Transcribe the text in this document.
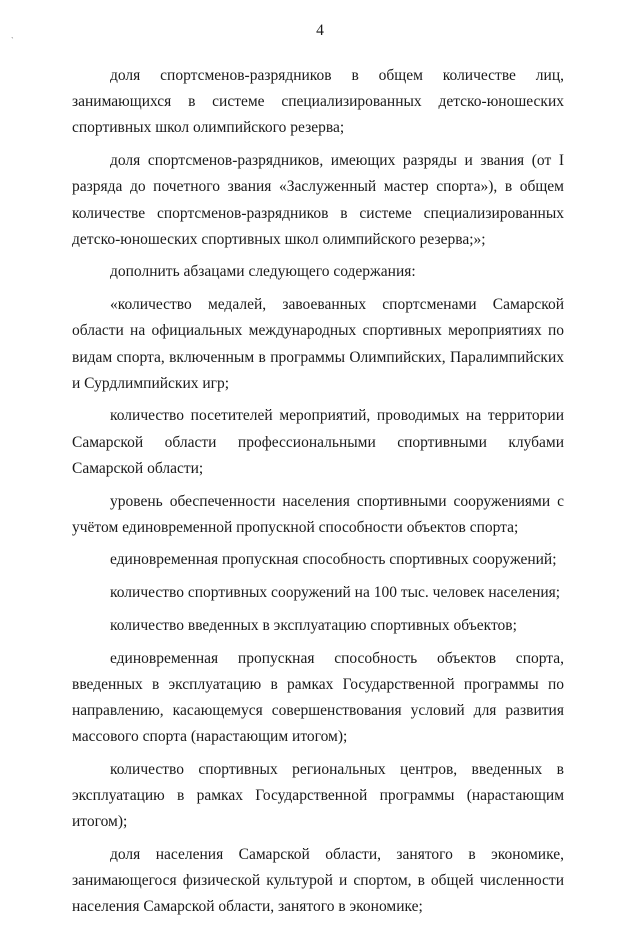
4
`

доля спортсменов-разрядников в общем количестве лиц, занимающихся в системе специализированных детско-юношеских спортивных школ олимпийского резерва;

доля спортсменов-разрядников, имеющих разряды и звания (от I разряда до почетного звания «Заслуженный мастер спорта»), в общем количестве спортсменов-разрядников в системе специализированных детско-юношеских спортивных школ олимпийского резерва;»;

дополнить абзацами следующего содержания:

«количество медалей, завоеванных спортсменами Самарской области на официальных международных спортивных мероприятиях по видам спорта, включенным в программы Олимпийских, Паралимпийских и Сурдлимпийских игр;

количество посетителей мероприятий, проводимых на территории Самарской области профессиональными спортивными клубами Самарской области;

уровень обеспеченности населения спортивными сооружениями с учётом единовременной пропускной способности объектов спорта;

единовременная пропускная способность спортивных сооружений;

количество спортивных сооружений на 100 тыс. человек населения;

количество введенных в эксплуатацию спортивных объектов;

единовременная пропускная способность объектов спорта, введенных в эксплуатацию в рамках Государственной программы по направлению, касающемуся совершенствования условий для развития массового спорта (нарастающим итогом);

количество спортивных региональных центров, введенных в эксплуатацию в рамках Государственной программы (нарастающим итогом);

доля населения Самарской области, занятого в экономике, занимающегося физической культурой и спортом, в общей численности населения Самарской области, занятого в экономике;
